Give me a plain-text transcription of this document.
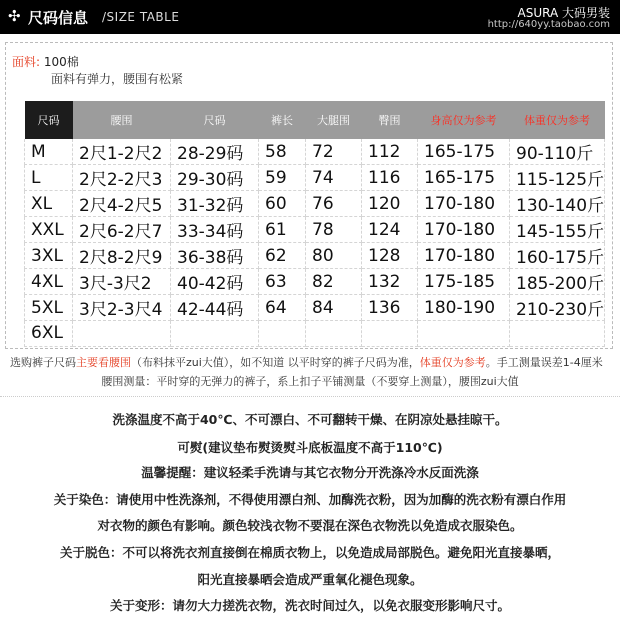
✣ 尺码信息 /SIZE TABLE	ASURA 大码男装
http://640yy.taobao.com
面料: 100棉
面料有弹力，腰围有松紧
尺码	腰围	尺码	裤长	大腿围	臀围	身高仅为参考	体重仅为参考
M	2尺1-2尺2	28-29码	58	72	112	165-175	90-110斤
L	2尺2-2尺3	29-30码	59	74	116	165-175	115-125斤
XL	2尺4-2尺5	31-32码	60	76	120	170-180	130-140斤
XXL	2尺6-2尺7	33-34码	61	78	124	170-180	145-155斤
3XL	2尺8-2尺9	36-38码	62	80	128	170-180	160-175斤
4XL	3尺-3尺2	40-42码	63	82	132	175-185	185-200斤
5XL	3尺2-3尺4	42-44码	64	84	136	180-190	210-230斤
6XL							
选购裤子尺码主要看腰围（布料抹平zui大值），如不知道 以平时穿的裤子尺码为准，体重仅为参考。手工测量误差1-4厘米
腰围测量：平时穿的无弹力的裤子，系上扣子平铺测量（不要穿上测量），腰围zui大值
洗涤温度不高于40℃、不可漂白、不可翻转干燥、在阴凉处悬挂晾干。
可熨(建议垫布熨烫熨斗底板温度不高于110℃)
温馨提醒：建议轻柔手洗请与其它衣物分开洗涤冷水反面洗涤
关于染色：请使用中性洗涤剂，不得使用漂白剂、加酶洗衣粉，因为加酶的洗衣粉有漂白作用
对衣物的颜色有影响。颜色较浅衣物不要混在深色衣物洗以免造成衣服染色。
关于脱色：不可以将洗衣剂直接倒在棉质衣物上，以免造成局部脱色。避免阳光直接暴晒，
阳光直接暴晒会造成严重氧化褪色现象。
关于变形：请勿大力搓洗衣物，洗衣时间过久，以免衣服变形影响尺寸。
